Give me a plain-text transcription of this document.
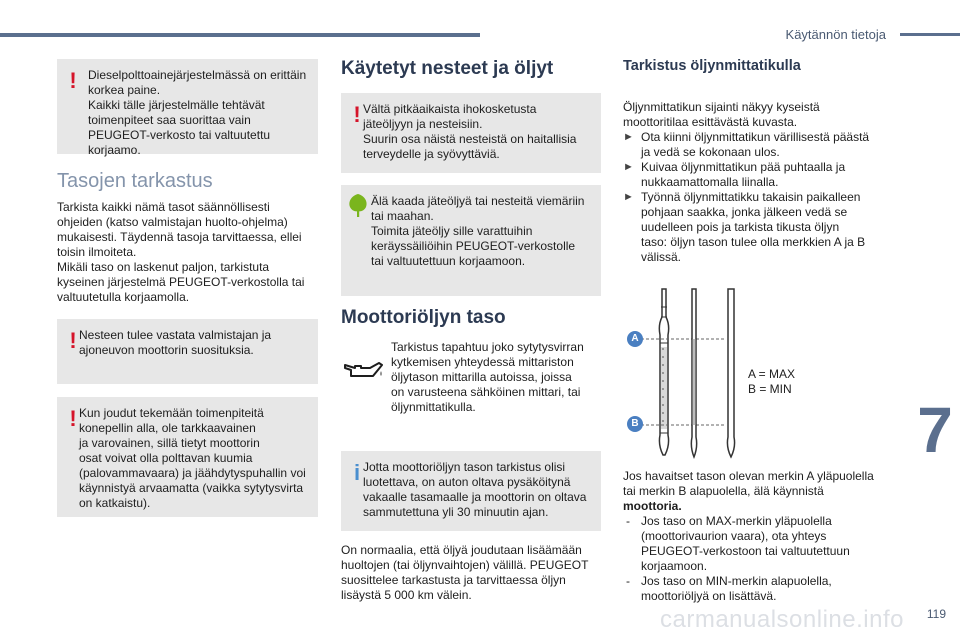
Käytännön tietoja
7
carmanualsonline.info 119
! Dieselpolttoainejärjestelmässä on erittäin
korkea paine.
Kaikki tälle järjestelmälle tehtävät
toimenpiteet saa suorittaa vain
PEUGEOT-verkosto tai valtuutettu
korjaamo.
Tasojen tarkastus
Tarkista kaikki nämä tasot säännöllisesti
ohjeiden (katso valmistajan huolto-ohjelma)
mukaisesti. Täydennä tasoja tarvittaessa, ellei
toisin ilmoiteta.
Mikäli taso on laskenut paljon, tarkistuta
kyseinen järjestelmä PEUGEOT-verkostolla tai
valtuutetulla korjaamolla.
! Nesteen tulee vastata valmistajan ja
ajoneuvon moottorin suosituksia.
! Kun joudut tekemään toimenpiteitä
konepellin alla, ole tarkkaavainen
ja varovainen, sillä tietyt moottorin
osat voivat olla polttavan kuumia
(palovammavaara) ja jäähdytyspuhallin voi
käynnistyä arvaamatta (vaikka sytytysvirta
on katkaistu).
Käytetyt nesteet ja öljyt
! Vältä pitkäaikaista ihokosketusta
jäteöljyyn ja nesteisiin.
Suurin osa näistä nesteistä on haitallisia
terveydelle ja syövyttäviä.
Älä kaada jäteöljyä tai nesteitä viemäriin
tai maahan.
Toimita jäteöljy sille varattuihin
keräyssäiliöihin PEUGEOT-verkostolle
tai valtuutettuun korjaamoon.
Moottoriöljyn taso
Tarkistus tapahtuu joko sytytysvirran
kytkemisen yhteydessä mittariston
öljytason mittarilla autoissa, joissa
on varusteena sähköinen mittari, tai
öljynmittatikulla.
i Jotta moottoriöljyn tason tarkistus olisi
luotettava, on auton oltava pysäköitynä
vakaalle tasamaalle ja moottorin on oltava
sammutettuna yli 30 minuutin ajan.
On normaalia, että öljyä joudutaan lisäämään
huoltojen (tai öljynvaihtojen) välillä. PEUGEOT
suosittelee tarkastusta ja tarvittaessa öljyn
lisäystä 5 000 km välein.
Tarkistus öljynmittatikulla
Öljynmittatikun sijainti näkyy kyseistä
moottoritilaa esittävästä kuvasta.
► Ota kiinni öljynmittatikun värillisestä päästä
ja vedä se kokonaan ulos.
► Kuivaa öljynmittatikun pää puhtaalla ja
nukkaamattomalla liinalla.
► Työnnä öljynmittatikku takaisin paikalleen
pohjaan saakka, jonka jälkeen vedä se
uudelleen pois ja tarkista tikusta öljyn
taso: öljyn tason tulee olla merkkien A ja B
välissä.
A
B
A = MAX
B = MIN
Jos havaitset tason olevan merkin A yläpuolella
tai merkin B alapuolella, älä käynnistä
moottoria.
- Jos taso on MAX-merkin yläpuolella
(moottorivaurion vaara), ota yhteys
PEUGEOT-verkostoon tai valtuutettuun
korjaamoon.
- Jos taso on MIN-merkin alapuolella,
moottoriöljyä on lisättävä.
